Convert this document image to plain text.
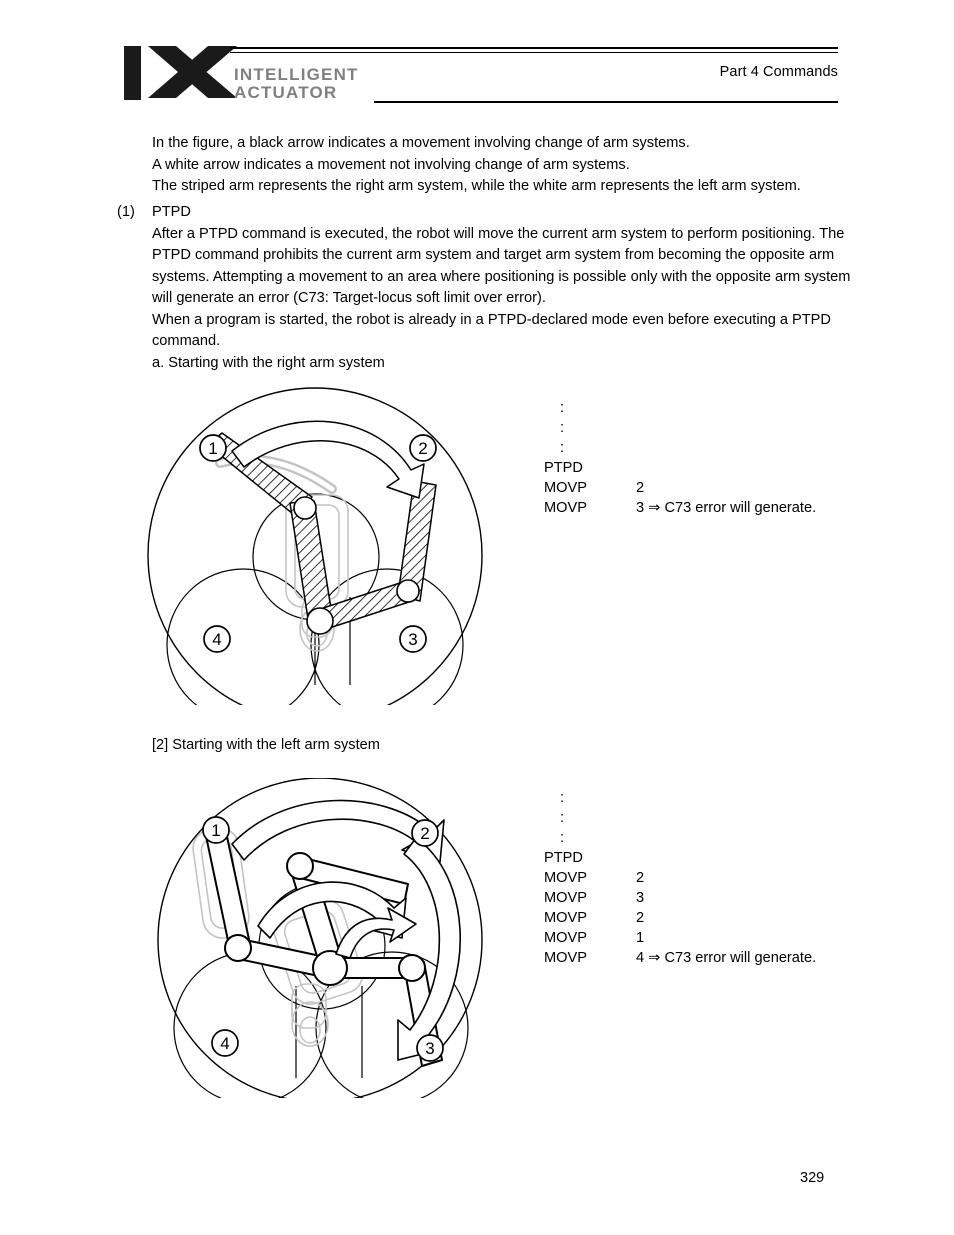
INTELLIGENT
ACTUATOR
Part 4 Commands

In the figure, a black arrow indicates a movement involving change of arm systems.

A white arrow indicates a movement not involving change of arm systems.

The striped arm represents the right arm system, while the white arm represents the left arm system.

(1) PTPD

After a PTPD command is executed, the robot will move the current arm system to perform positioning. The PTPD command prohibits the current arm system and target arm system from becoming the opposite arm systems. Attempting a movement to an area where positioning is possible only with the opposite arm system will generate an error (C73: Target-locus soft limit over error).

When a program is started, the robot is already in a PTPD-declared mode even before executing a PTPD command.

a. Starting with the right arm system

1	2
3
4
[2] Starting with the left arm system
1	2
3
4
:
:
:
PTPD
MOVP	2
MOVP	3 ⇒ C73 error will generate.
:
:
:
PTPD
MOVP	2
MOVP	3
MOVP	2
MOVP	1
MOVP	4 ⇒ C73 error will generate.
329
